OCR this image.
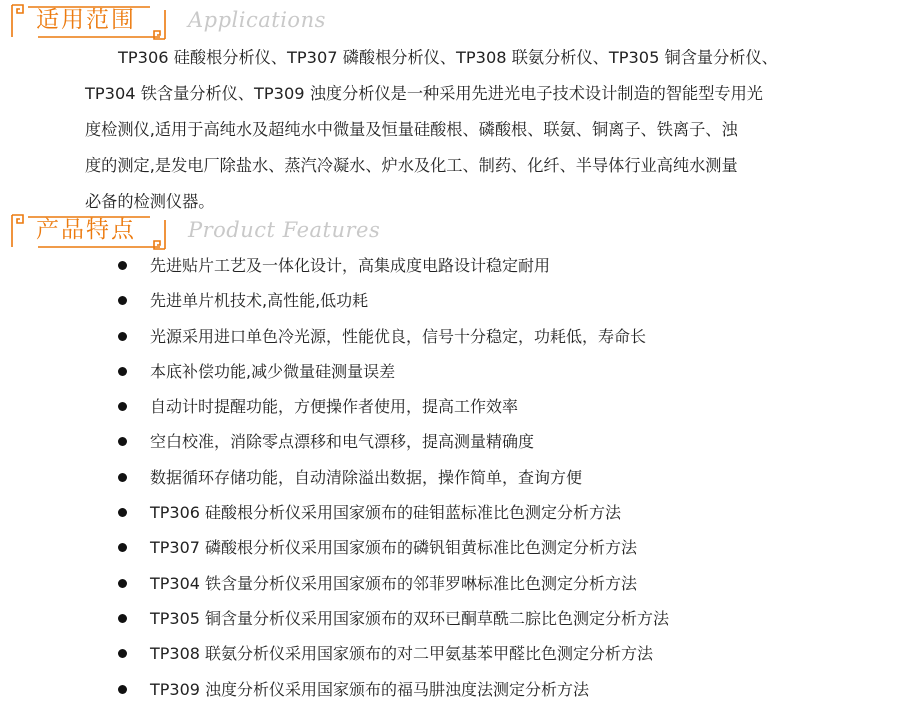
适用范围 Applications

TP306 硅酸根分析仪、TP307 磷酸根分析仪、TP308 联氨分析仪、TP305 铜含量分析仪、
TP304 铁含量分析仪、TP309 浊度分析仪是一种采用先进光电子技术设计制造的智能型专用光
度检测仪,适用于高纯水及超纯水中微量及恒量硅酸根、磷酸根、联氨、铜离子、铁离子、浊
度的测定,是发电厂除盐水、蒸汽冷凝水、炉水及化工、制药、化纤、半导体行业高纯水测量
必备的检测仪器。

产品特点 Product Features
先进贴片工艺及一体化设计，高集成度电路设计稳定耐用
先进单片机技术,高性能,低功耗
光源采用进口单色冷光源，性能优良，信号十分稳定，功耗低，寿命长
本底补偿功能,减少微量硅测量误差
自动计时提醒功能，方便操作者使用，提高工作效率
空白校准，消除零点漂移和电气漂移，提高测量精确度
数据循环存储功能，自动清除溢出数据，操作简单，查询方便
TP306 硅酸根分析仪采用国家颁布的硅钼蓝标准比色测定分析方法
TP307 磷酸根分析仪采用国家颁布的磷钒钼黄标准比色测定分析方法
TP304 铁含量分析仪采用国家颁布的邻菲罗啉标准比色测定分析方法
TP305 铜含量分析仪采用国家颁布的双环已酮草酰二腙比色测定分析方法
TP308 联氨分析仪采用国家颁布的对二甲氨基苯甲醛比色测定分析方法
TP309 浊度分析仪采用国家颁布的福马肼浊度法测定分析方法
